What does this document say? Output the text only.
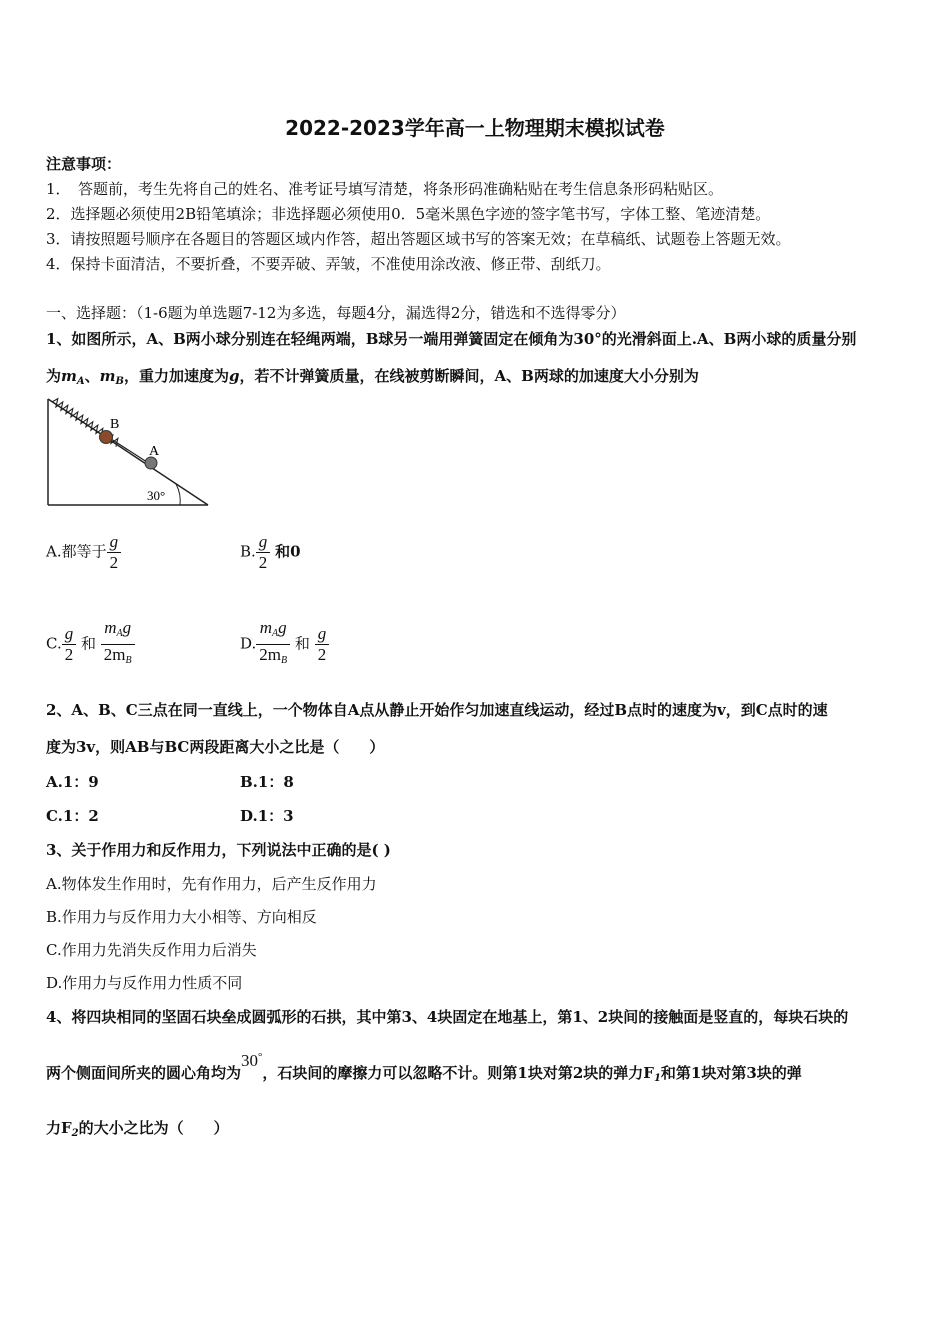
2022-2023学年高一上物理期末模拟试卷
注意事项：
1．　答题前，考生先将自己的姓名、准考证号填写清楚，将条形码准确粘贴在考生信息条形码粘贴区。
2．选择题必须使用2B铅笔填涂；非选择题必须使用0．5毫米黑色字迹的签字笔书写，字体工整、笔迹清楚。
3．请按照题号顺序在各题目的答题区域内作答，超出答题区域书写的答案无效；在草稿纸、试题卷上答题无效。
4．保持卡面清洁，不要折叠，不要弄破、弄皱，不准使用涂改液、修正带、刮纸刀。
一、选择题：（1-6题为单选题7-12为多选，每题4分，漏选得2分，错选和不选得零分）
1、如图所示，A、B两小球分别连在轻绳两端，B球另一端用弹簧固定在倾角为30°的光滑斜面上.A、B两小球的质量分别
为$m_A$、$m_B$，重力加速度为g，若不计弹簧质量，在线被剪断瞬间，A、B两球的加速度大小分别为
B
A
30°
A.都等于 $\frac{g}{2}$	B. $\frac{g}{2}$ 和0
C. $\frac{g}{2}$ 和 $\frac{m_Ag}{2m_B}$	D. $\frac{m_Ag}{2m_B}$ 和 $\frac{g}{2}$
2、A、B、C三点在同一直线上，一个物体自A点从静止开始作匀加速直线运动，经过B点时的速度为v，到C点时的速
度为3v，则AB与BC两段距离大小之比是（　　）
A.1：9	B.1：8
C.1：2	D.1：3
3、关于作用力和反作用力，下列说法中正确的是( )
A.物体发生作用时，先有作用力，后产生反作用力
B.作用力与反作用力大小相等、方向相反
C.作用力先消失反作用力后消失
D.作用力与反作用力性质不同
4、将四块相同的坚固石块垒成圆弧形的石拱，其中第3、4块固定在地基上，第1、2块间的接触面是竖直的，每块石块的
两个侧面间所夹的圆心角均为30°，石块间的摩擦力可以忽略不计。则第1块对第2块的弹力$F_1$和第1块对第3块的弹
力$F_2$的大小之比为（　　）
